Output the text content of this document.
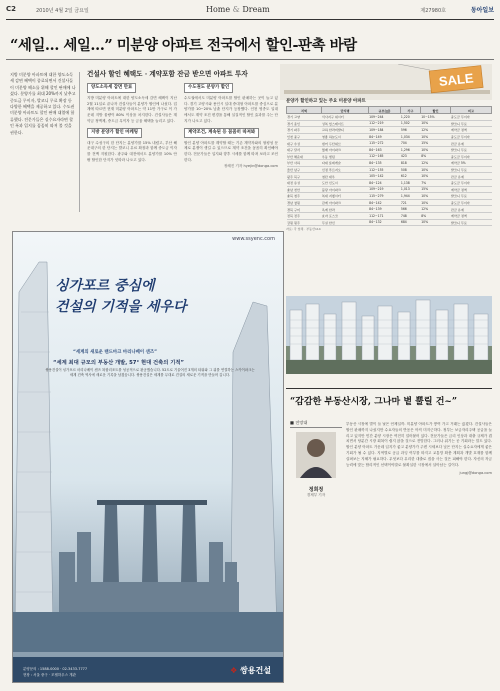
C2	2010년 4월 2일 금요일	Home & Dream	제27980호	동아일보
“세일… 세일…” 미분양 아파트 전국에서 할인-판촉 바람
지방 미분양 아파트에 대한 양도소득세 감면 혜택이 종료되면서 건설사들이 미분양 해소를 위해 할인 판매에 나섰다. 분양가를 최대 20%까지 낮추고 중도금 무이자, 발코니 무료 확장 등 다양한 혜택을 제공하고 있다. 수도권 미분양 아파트도 할인 판매 대열에 합류했다. 전문가들은 실수요자라면 할인 폭과 입지를 꼼꼼히 따져 볼 것을 권한다.
건설사 할인 혜택도 · 계약포함 잔금 받으면 아파트 투자
양도소득세 감면 만료
지방 미분양 아파트에 대한 양도소득세 감면 혜택이 지난 2월 11일로 끝나자 건설사들이 분양가 할인에 나섰다. 업계에 따르면 현재 미분양 아파트는 약 11만 가구로 이 가운데 지방 물량이 80% 이상을 차지한다. 건설사들은 계약금 정액제, 중도금 무이자 등 금융 혜택을 늘리고 있다.
지방 분양가 할인 마케팅
대구 수성구의 한 단지는 분양가를 15% 내렸고, 부산 해운대구의 한 단지는 발코니 무료 확장과 함께 중도금 이자를 전액 지원한다. 광주와 대전에서도 분양가를 10% 안팎 할인한 단지가 잇따라 나오고 있다.
수도권도 분양가 할인
수도권에서도 미분양 아파트를 할인 판매하는 곳이 늘고 있다. 경기 고양시와 용인시 일대 중대형 아파트를 중심으로 분양가를 10~20% 낮춘 단지가 등장했다. 인천 영종도 일대에서도 계약 조건 변경을 통해 실질적인 할인 효과를 주는 단지가 나오고 있다.
계약조건, 계속된 등 꼼꼼히 따져봐
할인 분양 아파트를 계약할 때는 기존 계약자와의 형평성 문제로 분쟁이 생길 수 있으므로 계약 조건을 꼼꼼히 확인해야 한다. 전문가들은 입지와 향후 시세를 함께 따져 보라고 조언한다.
정혜진 기자 hyejin@donga.com
SALE
분양가 할인하고 있는 주요 미분양 아파트
지역	단지명	규모(㎡)	가구	할인	비고
경기 고양	식사지구 위시티	109~244	1,220	10~15%	중도금 무이자
경기 용인	성복 힐스테이트	112~219	1,502	10%	발코니 무료
경기 파주	교하 한라비발디	109~184	596	12%	계약금 정액
인천 중구	영종 하늘도시	84~149	1,034	10%	중도금 무이자
대구 수성	범어 두산위브	115~272	704	15%	잔금 유예
대구 달서	월배 아이파크	84~163	1,296	10%	발코니 무료
부산 해운대	우동 센텀	112~165	423	8%	중도금 무이자
부산 사하	다대 롯데캐슬	84~135	818	12%	계약금 5%
울산 남구	신정 푸르지오	112~155	508	10%	발코니 무료
광주 북구	첨단 대우	105~142	612	10%	잔금 유예
대전 유성	도안 신도시	84~124	1,138	7%	중도금 무이자
충남 천안	불당 아이파크	109~219	1,013	15%	계약금 정액
충북 청주	복대 지웰시티	115~279	1,944	10%	발코니 무료
경남 창원	감계 아이파크	84~142	721	10%	중도금 무이자
경북 구미	옥계 한라	84~139	566	12%	잔금 유예
전북 전주	효자 포스코	112~171	748	8%	계약금 정액
강원 원주	무실 한신	84~132	684	10%	발코니 무료
자료: 각 업체 · 부동산114
www.ssyenc.com
싱가포르 중심에
건설의 기적을 세우다
“세계의 새로운 랜드마크 마리나베이 샌즈”
“세계 최대 규모의 부동산 개발, 57° 현대 건축의 기적”
쌍용건설이 싱가포르 마리나베이 샌즈 복합리조트를 성공적으로 완공했습니다. 52도로 기울어진 3개의 타워와 그 위를 연결하는 스카이파크는 세계 건축 역사에 새로운 기록을 남겼습니다. 쌍용건설은 세계를 무대로 건설의 새로운 기적을 만들어 갑니다.
분양문의 : 1588-0000 · 02-3433-7777
현장 : 서울 중구 · 모델하우스 개관	❖ 쌍용건설
“감감한 부동산시장, 그나마 볕 뿔릴 건~”
■ 전망대
정희정
경제부 기자
부동산 시장에 볕이 들 날은 언제일까. 미분양 아파트가 쌓여 가고 거래는 끊겼다. 건설사들은 할인 판매까지 나섰지만 수요자들의 반응은 아직 미지근하다. 정부는 보금자리주택 공급을 늘리고 있지만 민간 분양 시장은 여전히 얼어붙어 있다. 전문가들은 금리 인상과 대출 규제가 겹치면서 당분간 시장 회복이 쉽지 않을 것으로 전망한다. 그러나 위기는 곧 기회라는 말도 있다. 할인 분양 아파트 가운데 입지가 좋고 분양가가 주변 시세보다 낮은 단지는 실수요자에게 좋은 기회가 될 수 있다. 지역별로 공급 과잉 여부를 따지고 교통망 확충 계획과 개발 호재를 함께 살펴보는 지혜가 필요하다. 무엇보다 무리한 대출로 집을 사는 것은 피해야 한다. 자신의 자금 능력에 맞는 합리적인 선택이야말로 불확실한 시장에서 살아남는 길이다.
jungj@donga.com
